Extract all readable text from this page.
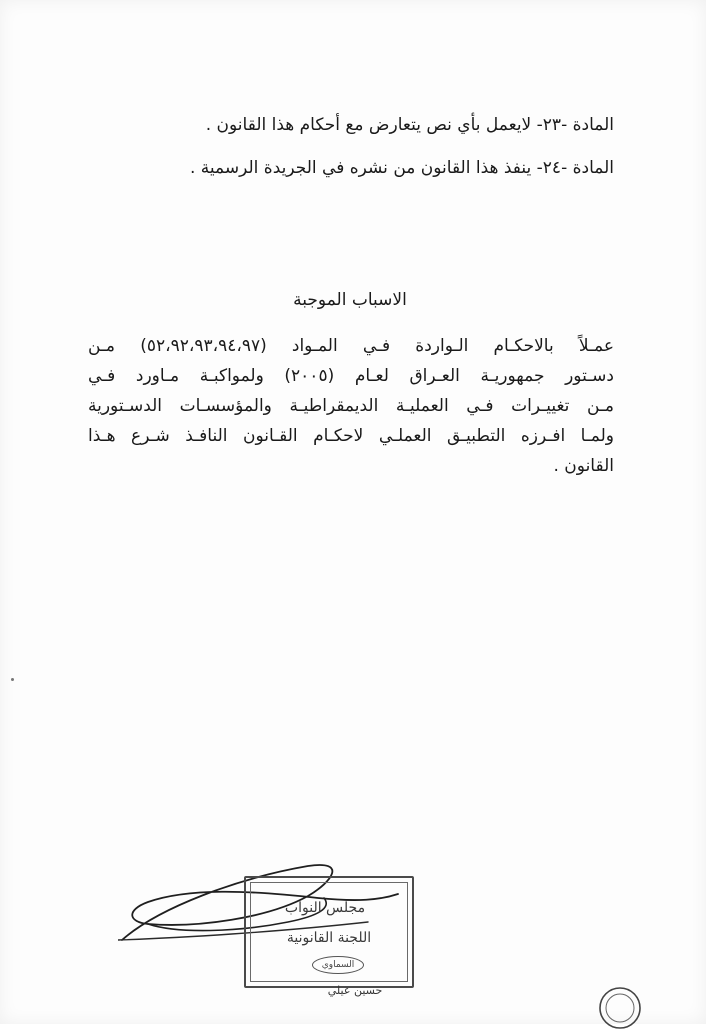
المادة -٢٣- لايعمل بأي نص يتعارض مع أحكام هذا القانون .
المادة -٢٤- ينفذ هذا القانون من نشره في الجريدة الرسمية .
الاسباب الموجبة
عمـلاً بالاحكـام الـواردة فـي المـواد (٥٢،٩٢،٩٣،٩٤،٩٧) مـن
دسـتور جمهوريـة العـراق لعـام (٢٠٠٥) ولمواكبـة مـاورد فـي
مـن تغييـرات فـي العمليـة الديمقراطيـة والمؤسسـات الدسـتورية
ولمـا افـرزه التطبيـق العملـي لاحكـام القـانون النافـذ شـرع هـذا
القانون .
مجلس النواب
اللجنة القانونية
السماوي
حسين عيلي
